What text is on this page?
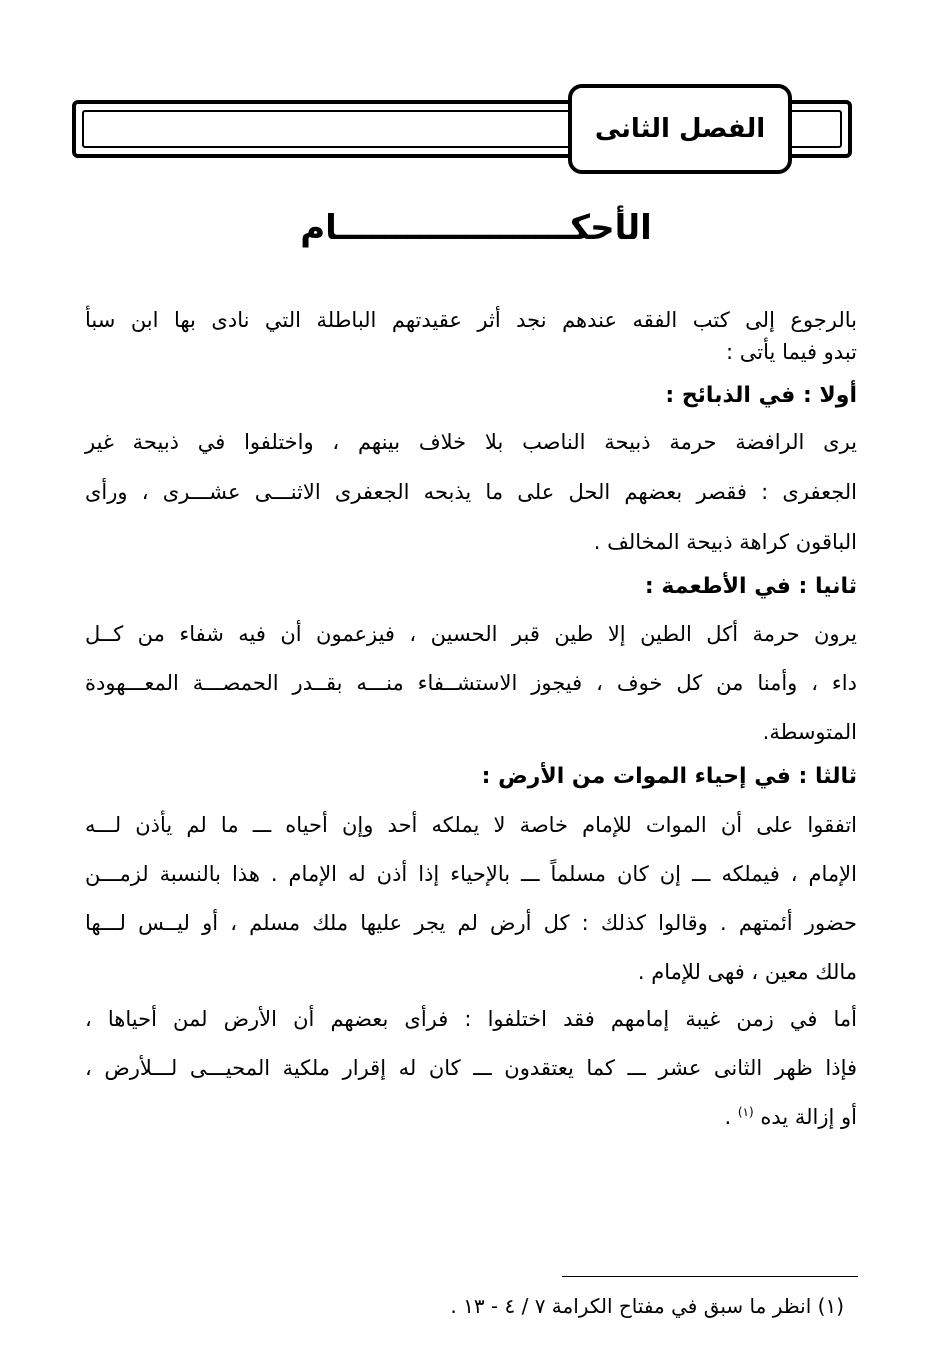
الفصل الثانى
الأحكــــــــــــــــــــام
بالرجوع إلى كتب الفقه عندهم نجد أثر عقيدتهم الباطلة التي نادى بها ابن سبأ
تبدو فيما يأتى :
أولا : في الذبائح :
يرى الرافضة حرمة ذبيحة الناصب بلا خلاف بينهم ، واختلفوا في ذبيحة غير
الجعفرى : فقصر بعضهم الحل على ما يذبحه الجعفرى الاثنـــى عشـــرى ، ورأى
الباقون كراهة ذبيحة المخالف .
ثانيا : في الأطعمة :
يرون حرمة أكل الطين إلا طين قبر الحسين ، فيزعمون أن فيه شفاء من كــل
داء ، وأمنا من كل خوف ، فيجوز الاستشــفاء منـــه بقــدر الحمصـــة المعـــهودة
المتوسطة.
ثالثا : في إحياء الموات من الأرض :
اتفقوا على أن الموات للإمام خاصة لا يملكه أحد وإن أحياه ـــ ما لم يأذن لـــه
الإمام ، فيملكه ـــ إن كان مسلماً ـــ بالإحياء إذا أذن له الإمام . هذا بالنسبة لزمـــن
حضور أئمتهم . وقالوا كذلك : كل أرض لم يجر عليها ملك مسلم ، أو ليــس لـــها
مالك معين ، فهى للإمام .
أما في زمن غيبة إمامهم فقد اختلفوا : فرأى بعضهم أن الأرض لمن أحياها ،
فإذا ظهر الثانى عشر ـــ كما يعتقدون ـــ كان له إقرار ملكية المحيـــى لـــلأرض ،
أو إزالة يده $^{(١)}$ .
(١) انظر ما سبق في مفتاح الكرامة ٧ / ٤ - ١٣ .
